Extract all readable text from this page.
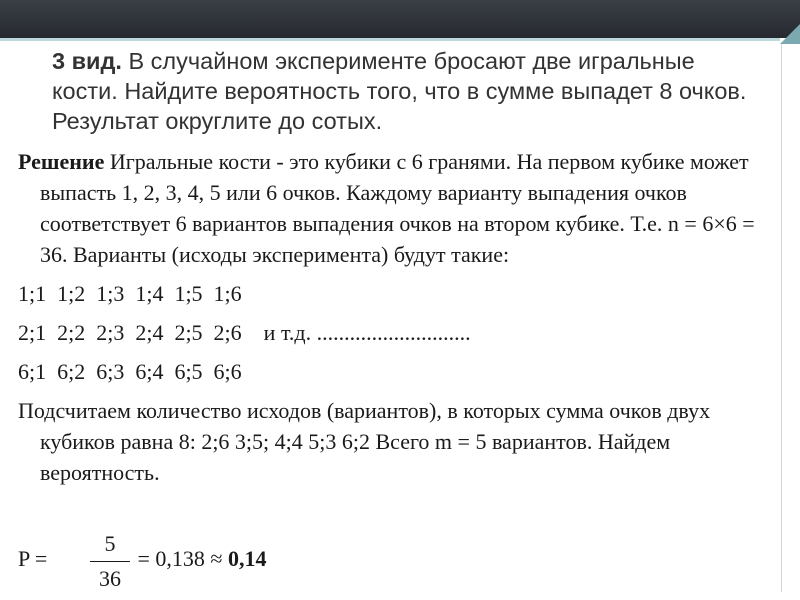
3 вид. В случайном эксперименте бросают две игральные кости. Найдите вероятность того, что в сумме выпадет 8 очков. Результат округлите до сотых.

Решение Игральные кости - это кубики с 6 гранями. На первом кубике может выпасть 1, 2, 3, 4, 5 или 6 очков. Каждому варианту выпадения очков соответствует 6 вариантов выпадения очков на втором кубике. Т.е. n = 6×6 = 36. Варианты (исходы эксперимента) будут такие:

1;1  1;2  1;3  1;4  1;5  1;6

2;1  2;2  2;3  2;4  2;5  2;6    и т.д. ............................

6;1  6;2  6;3  6;4  6;5  6;6

Подсчитаем количество исходов (вариантов), в которых сумма очков двух кубиков равна 8: 2;6 3;5; 4;4 5;3 6;2 Всего m = 5 вариантов. Найдем вероятность.

P =
5
36
= 0,138 ≈ 0,14
